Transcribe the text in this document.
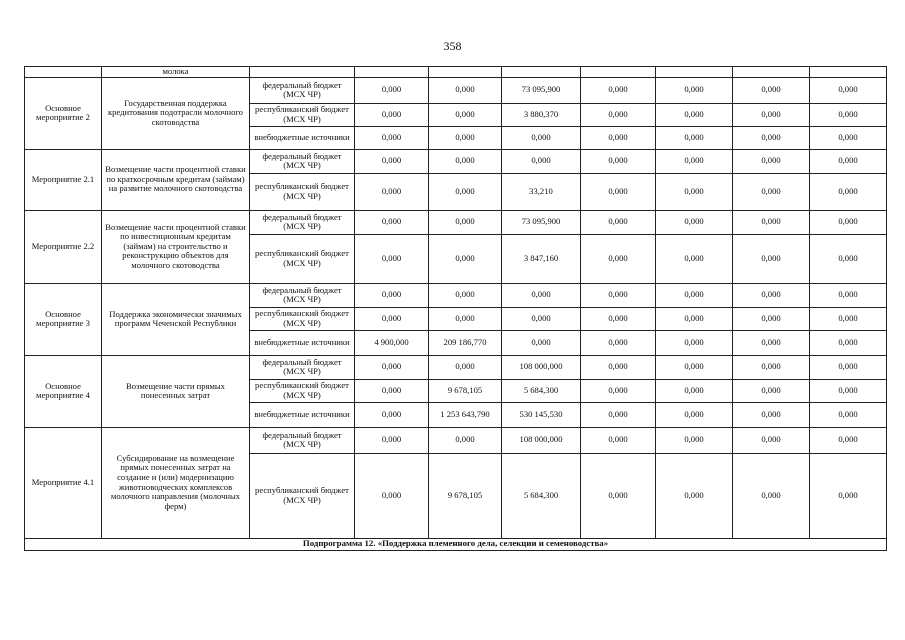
358
	молока								
Основное мероприятие 2	Государственная поддержка кредитования подотрасли молочного скотоводства	федеральный бюджет (МСХ ЧР)	0,000	0,000	73 095,900	0,000	0,000	0,000	0,000
		республиканский бюджет (МСХ ЧР)	0,000	0,000	3 880,370	0,000	0,000	0,000	0,000
		внебюджетные источники	0,000	0,000	0,000	0,000	0,000	0,000	0,000
Мероприятие 2.1	Возмещение части процентной ставки по краткосрочным кредитам (займам) на развитие молочного скотоводства	федеральный бюджет (МСХ ЧР)	0,000	0,000	0,000	0,000	0,000	0,000	0,000
		республиканский бюджет (МСХ ЧР)	0,000	0,000	33,210	0,000	0,000	0,000	0,000
Мероприятие 2.2	Возмещение части процентной ставки по инвестиционным кредитам (займам) на строительство и реконструкцию объектов для молочного скотоводства	федеральный бюджет (МСХ ЧР)	0,000	0,000	73 095,900	0,000	0,000	0,000	0,000
		республиканский бюджет (МСХ ЧР)	0,000	0,000	3 847,160	0,000	0,000	0,000	0,000
Основное мероприятие 3	Поддержка экономически значимых программ Чеченской Республики	федеральный бюджет (МСХ ЧР)	0,000	0,000	0,000	0,000	0,000	0,000	0,000
		республиканский бюджет (МСХ ЧР)	0,000	0,000	0,000	0,000	0,000	0,000	0,000
		внебюджетные источники	4 900,000	209 186,770	0,000	0,000	0,000	0,000	0,000
Основное мероприятие 4	Возмещение части прямых понесенных затрат	федеральный бюджет (МСХ ЧР)	0,000	0,000	108 000,000	0,000	0,000	0,000	0,000
		республиканский бюджет (МСХ ЧР)	0,000	9 678,105	5 684,300	0,000	0,000	0,000	0,000
		внебюджетные источники	0,000	1 253 643,790	530 145,530	0,000	0,000	0,000	0,000
Мероприятие 4.1	Субсидирование на возмещение прямых понесенных затрат на создание и (или) модернизацию животноводческих комплексов молочного направления (молочных ферм)	федеральный бюджет (МСХ ЧР)	0,000	0,000	108 000,000	0,000	0,000	0,000	0,000
		республиканский бюджет (МСХ ЧР)	0,000	9 678,105	5 684,300	0,000	0,000	0,000	0,000
Подпрограмма 12. «Поддержка племенного дела, селекции и семеноводства»									
